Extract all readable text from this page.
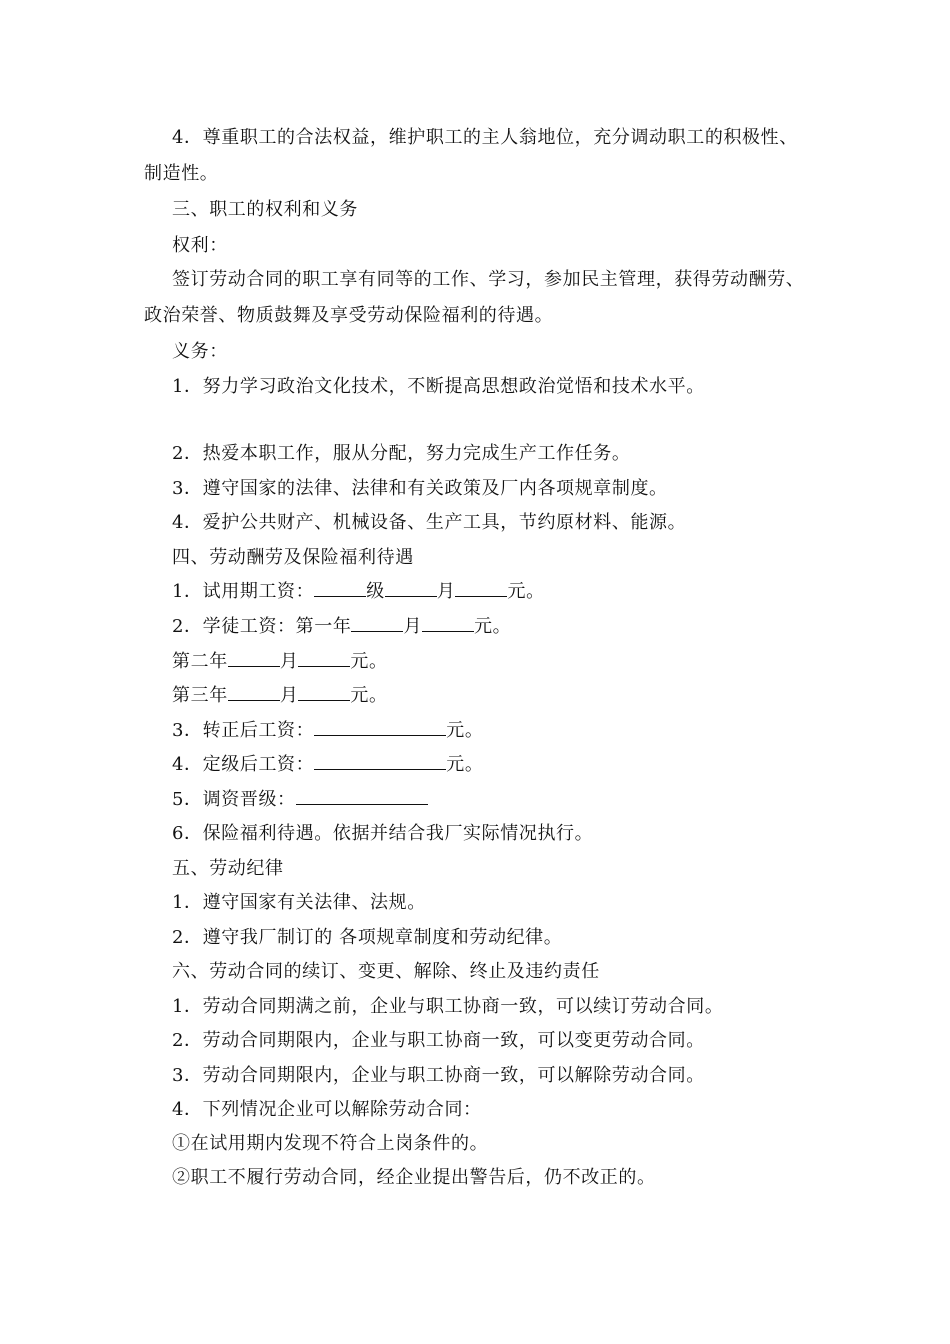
4．尊重职工的合法权益，维护职工的主人翁地位，充分调动职工的积极性、
制造性。
三、职工的权利和义务
权利：
签订劳动合同的职工享有同等的工作、学习，参加民主管理，获得劳动酬劳、
政治荣誉、物质鼓舞及享受劳动保险福利的待遇。
义务：
1．努力学习政治文化技术，不断提高思想政治觉悟和技术水平。
2．热爱本职工作，服从分配，努力完成生产工作任务。
3．遵守国家的法律、法律和有关政策及厂内各项规章制度。
4．爱护公共财产、机械设备、生产工具，节约原材料、能源。
四、劳动酬劳及保险福利待遇
1．试用期工资：	级	月	元。
2．学徒工资：第一年	月	元。
第二年	月	元。
第三年	月	元。
3．转正后工资：	元。
4．定级后工资：	元。
5．调资晋级：
6．保险福利待遇。依据并结合我厂实际情况执行。
五、劳动纪律
1．遵守国家有关法律、法规。
2．遵守我厂制订的 各项规章制度和劳动纪律。
六、劳动合同的续订、变更、解除、终止及违约责任
1．劳动合同期满之前，企业与职工协商一致，可以续订劳动合同。
2．劳动合同期限内，企业与职工协商一致，可以变更劳动合同。
3．劳动合同期限内，企业与职工协商一致，可以解除劳动合同。
4．下列情况企业可以解除劳动合同：
①在试用期内发现不符合上岗条件的。
②职工不履行劳动合同，经企业提出警告后，仍不改正的。
